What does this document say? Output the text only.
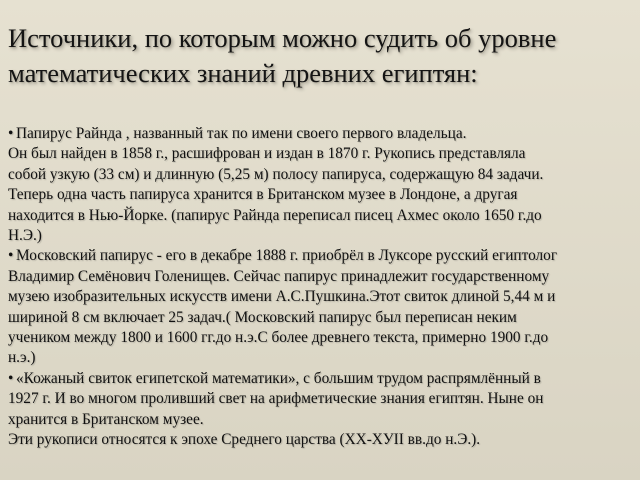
Источники, по которым можно судить об уровне
математических знаний древних египтян:
• Папирус Райнда , названный так по имени своего первого владельца.
Он был найден в 1858 г., расшифрован и издан в 1870 г. Рукопись представляла
собой узкую (33 см) и длинную (5,25 м) полосу папируса, содержащую 84 задачи.
Теперь одна часть папируса хранится в Британском музее в Лондоне, а другая
находится в Нью-Йорке. (папирус Райнда переписал писец Ахмес около 1650 г.до
Н.Э.)
• Московский папирус - его в декабре 1888 г. приобрёл в Луксоре русский египтолог
Владимир Семёнович Голенищев. Сейчас папирус принадлежит государственному
музею изобразительных искусств имени А.С.Пушкина.Этот свиток длиной 5,44 м и
шириной 8 см включает 25 задач.( Московский папирус был переписан неким
учеником между 1800 и 1600 гг.до н.э.С более древнего текста, примерно 1900 г.до
н.э.)
• «Кожаный свиток египетской математики», с большим трудом распрямлённый в
1927 г. И во многом проливший свет на арифметические знания египтян. Ныне он
хранится в Британском музее.
Эти рукописи относятся к эпохе Среднего царства (XX-XУII вв.до н.Э.).
